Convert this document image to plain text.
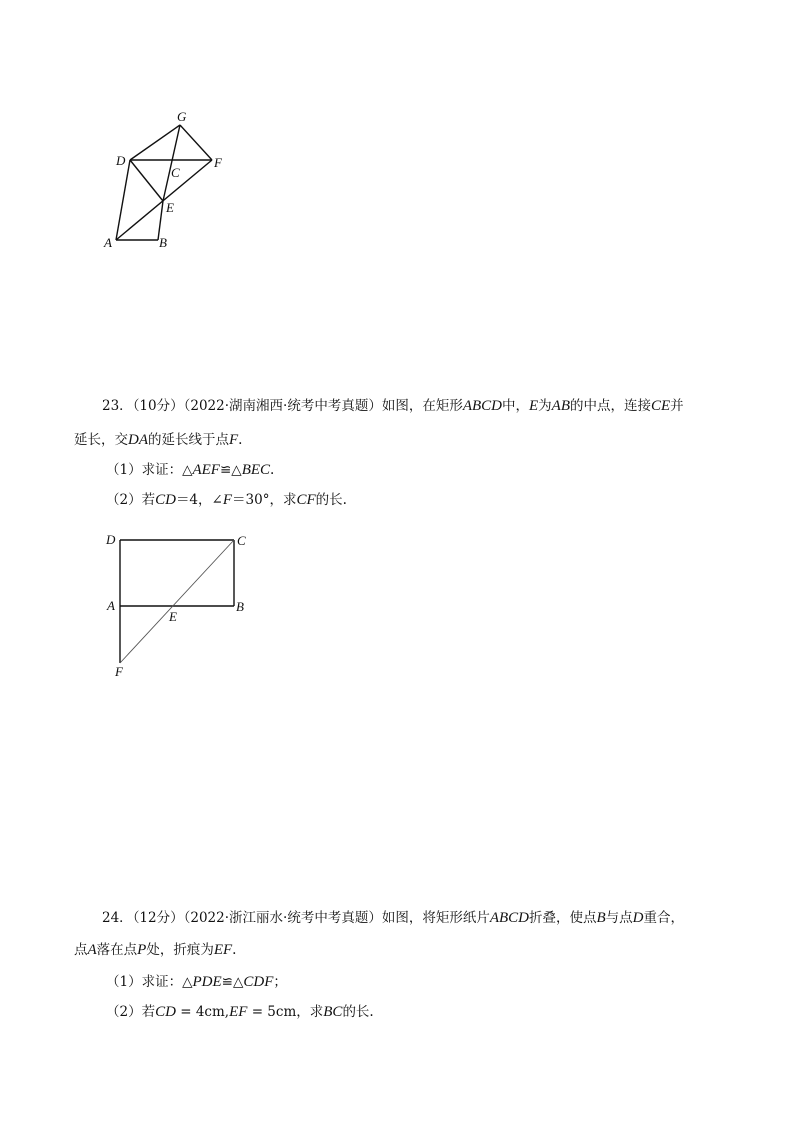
G
D	F
C
E
A	B
23．（10分）（2022·湖南湘西·统考中考真题）如图，在矩形ABCD中，E为AB的中点，连接CE并
延长，交DA的延长线于点F.
（1）求证：△AEF≌△BEC.
（2）若CD＝4，∠F＝30°，求CF的长.
D	C
A
E
B
F
24．（12分）（2022·浙江丽水·统考中考真题）如图，将矩形纸片ABCD折叠，使点B与点D重合，
点A落在点P处，折痕为EF.
（1）求证：△PDE≌△CDF；
（2）若CD = 4cm,EF = 5cm，求BC的长.
